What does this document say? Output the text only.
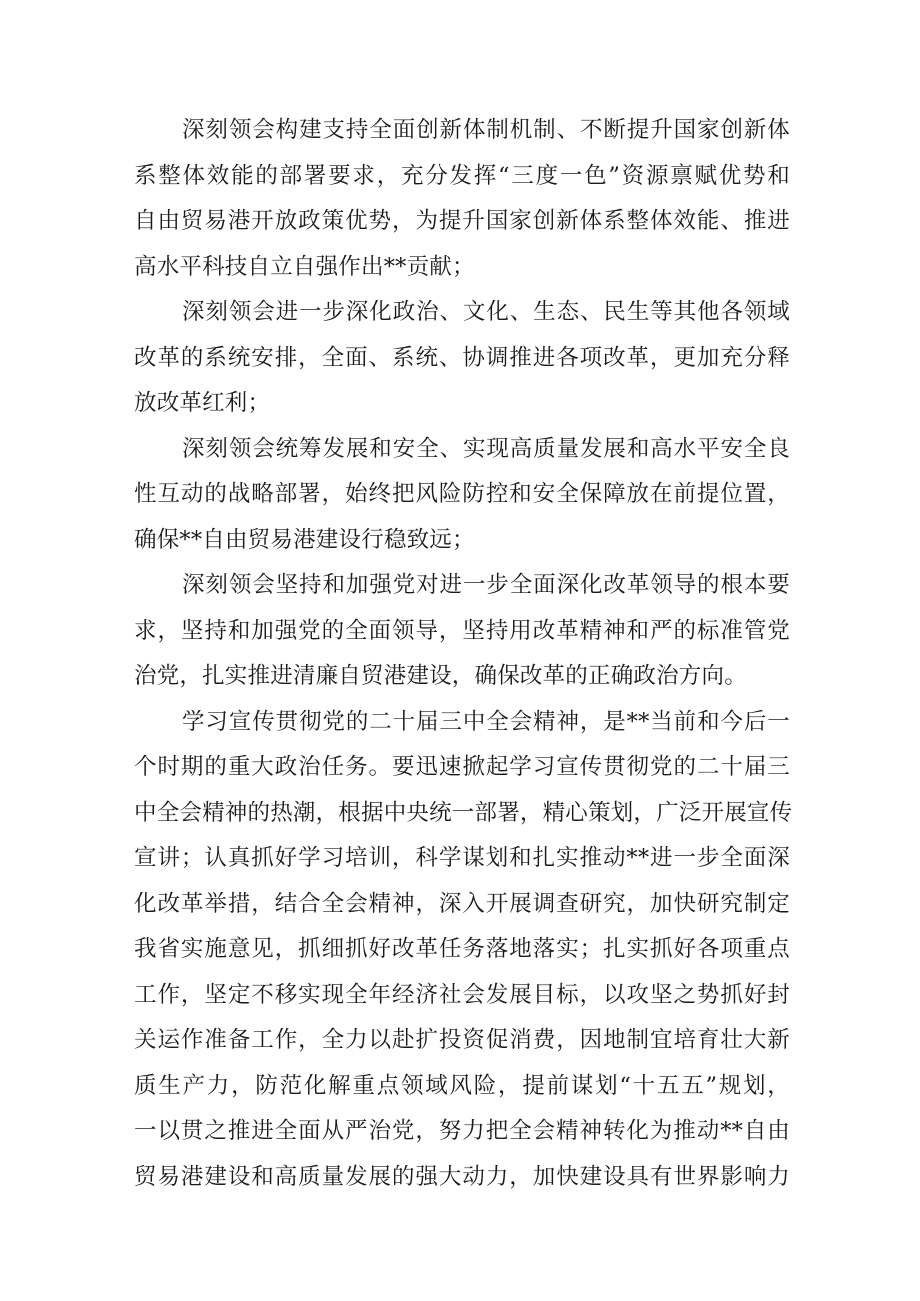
深刻领会构建支持全面创新体制机制、不断提升国家创新体
系整体效能的部署要求，充分发挥“三度一色”资源禀赋优势和
自由贸易港开放政策优势，为提升国家创新体系整体效能、推进
高水平科技自立自强作出**贡献；

深刻领会进一步深化政治、文化、生态、民生等其他各领域
改革的系统安排，全面、系统、协调推进各项改革，更加充分释
放改革红利；

深刻领会统筹发展和安全、实现高质量发展和高水平安全良
性互动的战略部署，始终把风险防控和安全保障放在前提位置，
确保**自由贸易港建设行稳致远；

深刻领会坚持和加强党对进一步全面深化改革领导的根本要
求，坚持和加强党的全面领导，坚持用改革精神和严的标准管党
治党，扎实推进清廉自贸港建设，确保改革的正确政治方向。

学习宣传贯彻党的二十届三中全会精神，是**当前和今后一
个时期的重大政治任务。要迅速掀起学习宣传贯彻党的二十届三
中全会精神的热潮，根据中央统一部署，精心策划，广泛开展宣传
宣讲；认真抓好学习培训，科学谋划和扎实推动**进一步全面深
化改革举措，结合全会精神，深入开展调查研究，加快研究制定
我省实施意见，抓细抓好改革任务落地落实；扎实抓好各项重点
工作，坚定不移实现全年经济社会发展目标，以攻坚之势抓好封
关运作准备工作，全力以赴扩投资促消费，因地制宜培育壮大新
质生产力，防范化解重点领域风险，提前谋划“十五五”规划，
一以贯之推进全面从严治党，努力把全会精神转化为推动**自由
贸易港建设和高质量发展的强大动力，加快建设具有世界影响力
